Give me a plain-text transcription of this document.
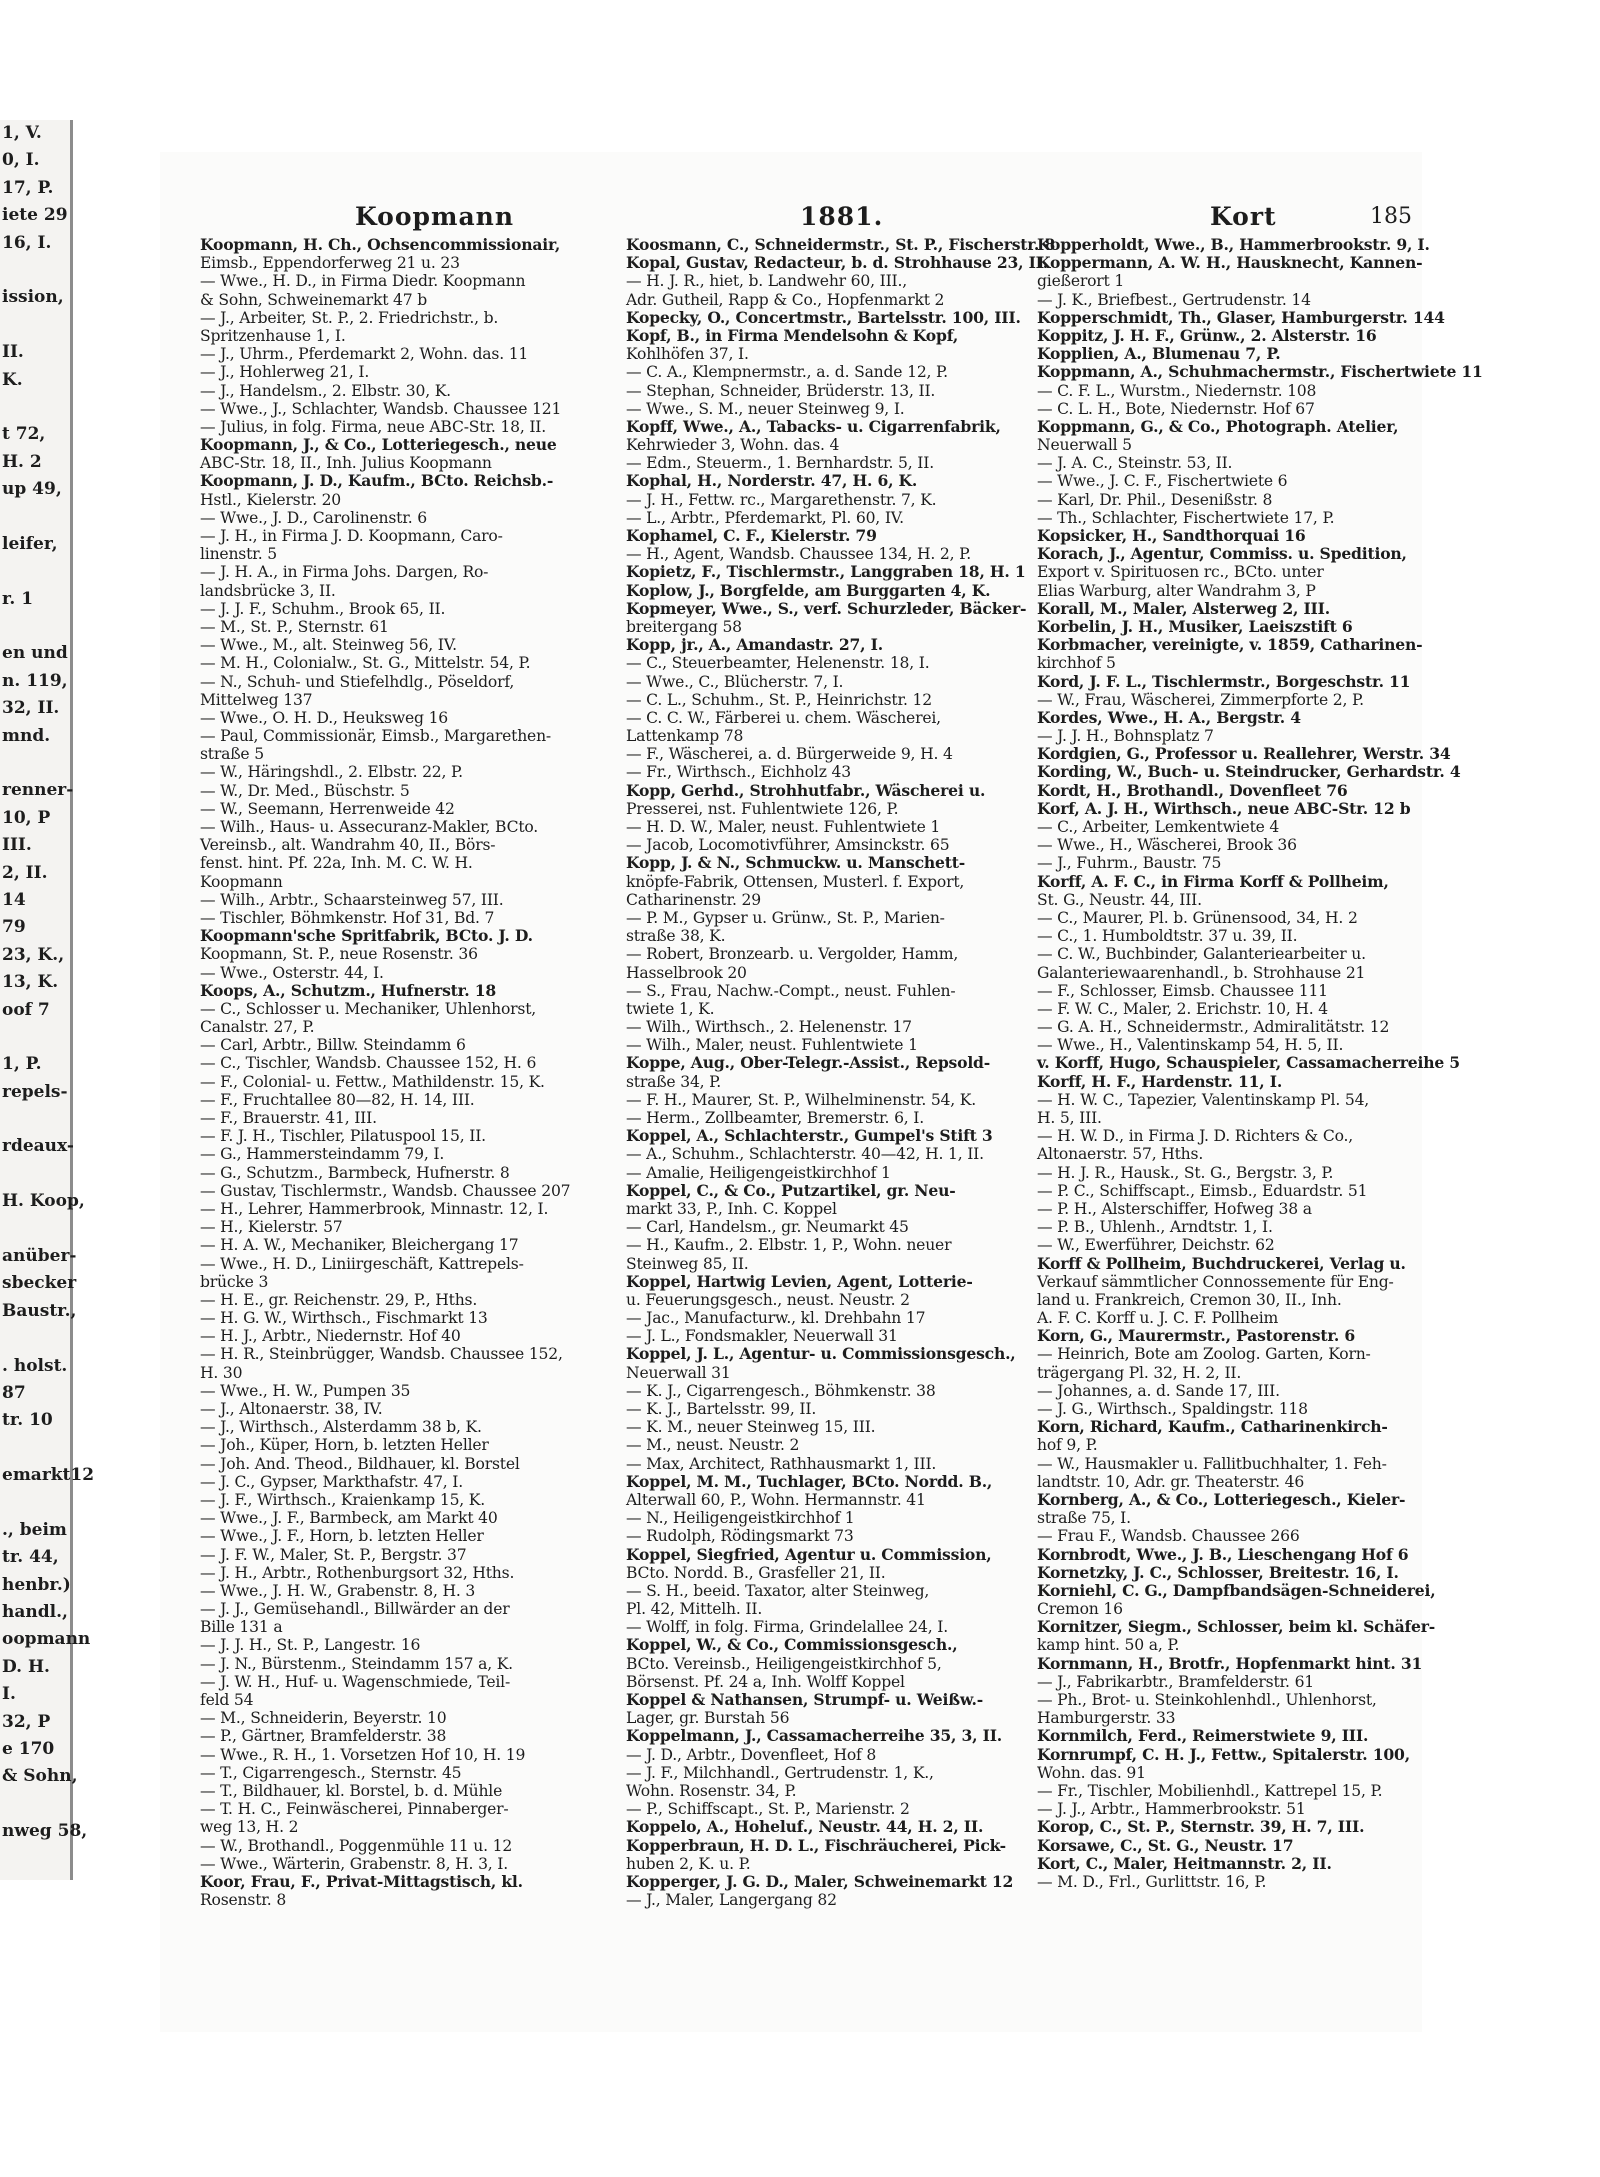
1, V.
0, I.
17, P.
iete 29
16, I.
ission,
II.
K.
t 72,
H. 2
up 49,
leifer,
r. 1
en und
n. 119,
32, II.
mnd.
renner-
10, P
III.
2, II.
14
79
23, K.,
13, K.
oof 7
1, P.
repels-
rdeaux-
H. Koop,
anüber-
sbecker
Baustr.,
. holst.
87
tr. 10
emarkt12
., beim
tr. 44,
henbr.)
handl.,
oopmann
D. H.
I.
32, P
e 170
& Sohn,
nweg 58,
Koopmann	1881.	Kort	185
Koopmann, H. Ch., Ochsencommissionair,
Eimsb., Eppendorferweg 21 u. 23
— Wwe., H. D., in Firma Diedr. Koopmann
& Sohn, Schweinemarkt 47 b
— J., Arbeiter, St. P., 2. Friedrichstr., b.
Spritzenhause 1, I.
— J., Uhrm., Pferdemarkt 2, Wohn. das. 11
— J., Hohlerweg 21, I.
— J., Handelsm., 2. Elbstr. 30, K.
— Wwe., J., Schlachter, Wandsb. Chaussee 121
— Julius, in folg. Firma, neue ABC-Str. 18, II.
Koopmann, J., & Co., Lotteriegesch., neue
ABC-Str. 18, II., Inh. Julius Koopmann
Koopmann, J. D., Kaufm., BCto. Reichsb.-
Hstl., Kielerstr. 20
— Wwe., J. D., Carolinenstr. 6
— J. H., in Firma J. D. Koopmann, Caro-
linenstr. 5
— J. H. A., in Firma Johs. Dargen, Ro-
landsbrücke 3, II.
— J. J. F., Schuhm., Brook 65, II.
— M., St. P., Sternstr. 61
— Wwe., M., alt. Steinweg 56, IV.
— M. H., Colonialw., St. G., Mittelstr. 54, P.
— N., Schuh- und Stiefelhdlg., Pöseldorf,
Mittelweg 137
— Wwe., O. H. D., Heuksweg 16
— Paul, Commissionär, Eimsb., Margarethen-
straße 5
— W., Häringshdl., 2. Elbstr. 22, P.
— W., Dr. Med., Büschstr. 5
— W., Seemann, Herrenweide 42
— Wilh., Haus- u. Assecuranz-Makler, BCto.
Vereinsb., alt. Wandrahm 40, II., Börs-
fenst. hint. Pf. 22a, Inh. M. C. W. H.
Koopmann
— Wilh., Arbtr., Schaarsteinweg 57, III.
— Tischler, Böhmkenstr. Hof 31, Bd. 7
Koopmann'sche Spritfabrik, BCto. J. D.
Koopmann, St. P., neue Rosenstr. 36
— Wwe., Osterstr. 44, I.
Koops, A., Schutzm., Hufnerstr. 18
— C., Schlosser u. Mechaniker, Uhlenhorst,
Canalstr. 27, P.
— Carl, Arbtr., Billw. Steindamm 6
— C., Tischler, Wandsb. Chaussee 152, H. 6
— F., Colonial- u. Fettw., Mathildenstr. 15, K.
— F., Fruchtallee 80—82, H. 14, III.
— F., Brauerstr. 41, III.
— F. J. H., Tischler, Pilatuspool 15, II.
— G., Hammersteindamm 79, I.
— G., Schutzm., Barmbeck, Hufnerstr. 8
— Gustav, Tischlermstr., Wandsb. Chaussee 207
— H., Lehrer, Hammerbrook, Minnastr. 12, I.
— H., Kielerstr. 57
— H. A. W., Mechaniker, Bleichergang 17
— Wwe., H. D., Liniirgeschäft, Kattrepels-
brücke 3
— H. E., gr. Reichenstr. 29, P., Hths.
— H. G. W., Wirthsch., Fischmarkt 13
— H. J., Arbtr., Niedernstr. Hof 40
— H. R., Steinbrügger, Wandsb. Chaussee 152,
H. 30
— Wwe., H. W., Pumpen 35
— J., Altonaerstr. 38, IV.
— J., Wirthsch., Alsterdamm 38 b, K.
— Joh., Küper, Horn, b. letzten Heller
— Joh. And. Theod., Bildhauer, kl. Borstel
— J. C., Gypser, Markthafstr. 47, I.
— J. F., Wirthsch., Kraienkamp 15, K.
— Wwe., J. F., Barmbeck, am Markt 40
— Wwe., J. F., Horn, b. letzten Heller
— J. F. W., Maler, St. P., Bergstr. 37
— J. H., Arbtr., Rothenburgsort 32, Hths.
— Wwe., J. H. W., Grabenstr. 8, H. 3
— J. J., Gemüsehandl., Billwärder an der
Bille 131 a
— J. J. H., St. P., Langestr. 16
— J. N., Bürstenm., Steindamm 157 a, K.
— J. W. H., Huf- u. Wagenschmiede, Teil-
feld 54
— M., Schneiderin, Beyerstr. 10
— P., Gärtner, Bramfelderstr. 38
— Wwe., R. H., 1. Vorsetzen Hof 10, H. 19
— T., Cigarrengesch., Sternstr. 45
— T., Bildhauer, kl. Borstel, b. d. Mühle
— T. H. C., Feinwäscherei, Pinnaberger-
weg 13, H. 2
— W., Brothandl., Poggenmühle 11 u. 12
— Wwe., Wärterin, Grabenstr. 8, H. 3, I.
Koor, Frau, F., Privat-Mittagstisch, kl.
Rosenstr. 8
Koosmann, C., Schneidermstr., St. P., Fischerstr. 8
Kopal, Gustav, Redacteur, b. d. Strohhause 23, II.
— H. J. R., hiet, b. Landwehr 60, III.,
Adr. Gutheil, Rapp & Co., Hopfenmarkt 2
Kopecky, O., Concertmstr., Bartelsstr. 100, III.
Kopf, B., in Firma Mendelsohn & Kopf,
Kohlhöfen 37, I.
— C. A., Klempnermstr., a. d. Sande 12, P.
— Stephan, Schneider, Brüderstr. 13, II.
— Wwe., S. M., neuer Steinweg 9, I.
Kopff, Wwe., A., Tabacks- u. Cigarrenfabrik,
Kehrwieder 3, Wohn. das. 4
— Edm., Steuerm., 1. Bernhardstr. 5, II.
Kophal, H., Norderstr. 47, H. 6, K.
— J. H., Fettw. rc., Margarethenstr. 7, K.
— L., Arbtr., Pferdemarkt, Pl. 60, IV.
Kophamel, C. F., Kielerstr. 79
— H., Agent, Wandsb. Chaussee 134, H. 2, P.
Kopietz, F., Tischlermstr., Langgraben 18, H. 1
Koplow, J., Borgfelde, am Burggarten 4, K.
Kopmeyer, Wwe., S., verf. Schurzleder, Bäcker-
breitergang 58
Kopp, jr., A., Amandastr. 27, I.
— C., Steuerbeamter, Helenenstr. 18, I.
— Wwe., C., Blücherstr. 7, I.
— C. L., Schuhm., St. P., Heinrichstr. 12
— C. C. W., Färberei u. chem. Wäscherei,
Lattenkamp 78
— F., Wäscherei, a. d. Bürgerweide 9, H. 4
— Fr., Wirthsch., Eichholz 43
Kopp, Gerhd., Strohhutfabr., Wäscherei u.
Presserei, nst. Fuhlentwiete 126, P.
— H. D. W., Maler, neust. Fuhlentwiete 1
— Jacob, Locomotivführer, Amsinckstr. 65
Kopp, J. & N., Schmuckw. u. Manschett-
knöpfe-Fabrik, Ottensen, Musterl. f. Export,
Catharinenstr. 29
— P. M., Gypser u. Grünw., St. P., Marien-
straße 38, K.
— Robert, Bronzearb. u. Vergolder, Hamm,
Hasselbrook 20
— S., Frau, Nachw.-Compt., neust. Fuhlen-
twiete 1, K.
— Wilh., Wirthsch., 2. Helenenstr. 17
— Wilh., Maler, neust. Fuhlentwiete 1
Koppe, Aug., Ober-Telegr.-Assist., Repsold-
straße 34, P.
— F. H., Maurer, St. P., Wilhelminenstr. 54, K.
— Herm., Zollbeamter, Bremerstr. 6, I.
Koppel, A., Schlachterstr., Gumpel's Stift 3
— A., Schuhm., Schlachterstr. 40—42, H. 1, II.
— Amalie, Heiligengeistkirchhof 1
Koppel, C., & Co., Putzartikel, gr. Neu-
markt 33, P., Inh. C. Koppel
— Carl, Handelsm., gr. Neumarkt 45
— H., Kaufm., 2. Elbstr. 1, P., Wohn. neuer
Steinweg 85, II.
Koppel, Hartwig Levien, Agent, Lotterie-
u. Feuerungsgesch., neust. Neustr. 2
— Jac., Manufacturw., kl. Drehbahn 17
— J. L., Fondsmakler, Neuerwall 31
Koppel, J. L., Agentur- u. Commissionsgesch.,
Neuerwall 31
— K. J., Cigarrengesch., Böhmkenstr. 38
— K. J., Bartelsstr. 99, II.
— K. M., neuer Steinweg 15, III.
— M., neust. Neustr. 2
— Max, Architect, Rathhausmarkt 1, III.
Koppel, M. M., Tuchlager, BCto. Nordd. B.,
Alterwall 60, P., Wohn. Hermannstr. 41
— N., Heiligengeistkirchhof 1
— Rudolph, Rödingsmarkt 73
Koppel, Siegfried, Agentur u. Commission,
BCto. Nordd. B., Grasfeller 21, II.
— S. H., beeid. Taxator, alter Steinweg,
Pl. 42, Mittelh. II.
— Wolff, in folg. Firma, Grindelallee 24, I.
Koppel, W., & Co., Commissionsgesch.,
BCto. Vereinsb., Heiligengeistkirchhof 5,
Börsenst. Pf. 24 a, Inh. Wolff Koppel
Koppel & Nathansen, Strumpf- u. Weißw.-
Lager, gr. Burstah 56
Koppelmann, J., Cassamacherreihe 35, 3, II.
— J. D., Arbtr., Dovenfleet, Hof 8
— J. F., Milchhandl., Gertrudenstr. 1, K.,
Wohn. Rosenstr. 34, P.
— P., Schiffscapt., St. P., Marienstr. 2
Koppelo, A., Hoheluf., Neustr. 44, H. 2, II.
Kopperbraun, H. D. L., Fischräucherei, Pick-
huben 2, K. u. P.
Kopperger, J. G. D., Maler, Schweinemarkt 12
— J., Maler, Langergang 82
Kopperholdt, Wwe., B., Hammerbrookstr. 9, I.
Koppermann, A. W. H., Hausknecht, Kannen-
gießerort 1
— J. K., Briefbest., Gertrudenstr. 14
Kopperschmidt, Th., Glaser, Hamburgerstr. 144
Koppitz, J. H. F., Grünw., 2. Alsterstr. 16
Kopplien, A., Blumenau 7, P.
Koppmann, A., Schuhmachermstr., Fischertwiete 11
— C. F. L., Wurstm., Niedernstr. 108
— C. L. H., Bote, Niedernstr. Hof 67
Koppmann, G., & Co., Photograph. Atelier,
Neuerwall 5
— J. A. C., Steinstr. 53, II.
— Wwe., J. C. F., Fischertwiete 6
— Karl, Dr. Phil., Desenißstr. 8
— Th., Schlachter, Fischertwiete 17, P.
Kopsicker, H., Sandthorquai 16
Korach, J., Agentur, Commiss. u. Spedition,
Export v. Spirituosen rc., BCto. unter
Elias Warburg, alter Wandrahm 3, P
Korall, M., Maler, Alsterweg 2, III.
Korbelin, J. H., Musiker, Laeiszstift 6
Korbmacher, vereinigte, v. 1859, Catharinen-
kirchhof 5
Kord, J. F. L., Tischlermstr., Borgeschstr. 11
— W., Frau, Wäscherei, Zimmerpforte 2, P.
Kordes, Wwe., H. A., Bergstr. 4
— J. J. H., Bohnsplatz 7
Kordgien, G., Professor u. Reallehrer, Werstr. 34
Kording, W., Buch- u. Steindrucker, Gerhardstr. 4
Kordt, H., Brothandl., Dovenfleet 76
Korf, A. J. H., Wirthsch., neue ABC-Str. 12 b
— C., Arbeiter, Lemkentwiete 4
— Wwe., H., Wäscherei, Brook 36
— J., Fuhrm., Baustr. 75
Korff, A. F. C., in Firma Korff & Pollheim,
St. G., Neustr. 44, III.
— C., Maurer, Pl. b. Grünensood, 34, H. 2
— C., 1. Humboldtstr. 37 u. 39, II.
— C. W., Buchbinder, Galanteriearbeiter u.
Galanteriewaarenhandl., b. Strohhause 21
— F., Schlosser, Eimsb. Chaussee 111
— F. W. C., Maler, 2. Erichstr. 10, H. 4
— G. A. H., Schneidermstr., Admiralitätstr. 12
— Wwe., H., Valentinskamp 54, H. 5, II.
v. Korff, Hugo, Schauspieler, Cassamacherreihe 5
Korff, H. F., Hardenstr. 11, I.
— H. W. C., Tapezier, Valentinskamp Pl. 54,
H. 5, III.
— H. W. D., in Firma J. D. Richters & Co.,
Altonaerstr. 57, Hths.
— H. J. R., Hausk., St. G., Bergstr. 3, P.
— P. C., Schiffscapt., Eimsb., Eduardstr. 51
— P. H., Alsterschiffer, Hofweg 38 a
— P. B., Uhlenh., Arndtstr. 1, I.
— W., Ewerführer, Deichstr. 62
Korff & Pollheim, Buchdruckerei, Verlag u.
Verkauf sämmtlicher Connossemente für Eng-
land u. Frankreich, Cremon 30, II., Inh.
A. F. C. Korff u. J. C. F. Pollheim
Korn, G., Maurermstr., Pastorenstr. 6
— Heinrich, Bote am Zoolog. Garten, Korn-
trägergang Pl. 32, H. 2, II.
— Johannes, a. d. Sande 17, III.
— J. G., Wirthsch., Spaldingstr. 118
Korn, Richard, Kaufm., Catharinenkirch-
hof 9, P.
— W., Hausmakler u. Fallitbuchhalter, 1. Feh-
landtstr. 10, Adr. gr. Theaterstr. 46
Kornberg, A., & Co., Lotteriegesch., Kieler-
straße 75, I.
— Frau F., Wandsb. Chaussee 266
Kornbrodt, Wwe., J. B., Lieschengang Hof 6
Kornetzky, J. C., Schlosser, Breitestr. 16, I.
Korniehl, C. G., Dampfbandsägen-Schneiderei,
Cremon 16
Kornitzer, Siegm., Schlosser, beim kl. Schäfer-
kamp hint. 50 a, P.
Kornmann, H., Brotfr., Hopfenmarkt hint. 31
— J., Fabrikarbtr., Bramfelderstr. 61
— Ph., Brot- u. Steinkohlenhdl., Uhlenhorst,
Hamburgerstr. 33
Kornmilch, Ferd., Reimerstwiete 9, III.
Kornrumpf, C. H. J., Fettw., Spitalerstr. 100,
Wohn. das. 91
— Fr., Tischler, Mobilienhdl., Kattrepel 15, P.
— J. J., Arbtr., Hammerbrookstr. 51
Korop, C., St. P., Sternstr. 39, H. 7, III.
Korsawe, C., St. G., Neustr. 17
Kort, C., Maler, Heitmannstr. 2, II.
— M. D., Frl., Gurlittstr. 16, P.
